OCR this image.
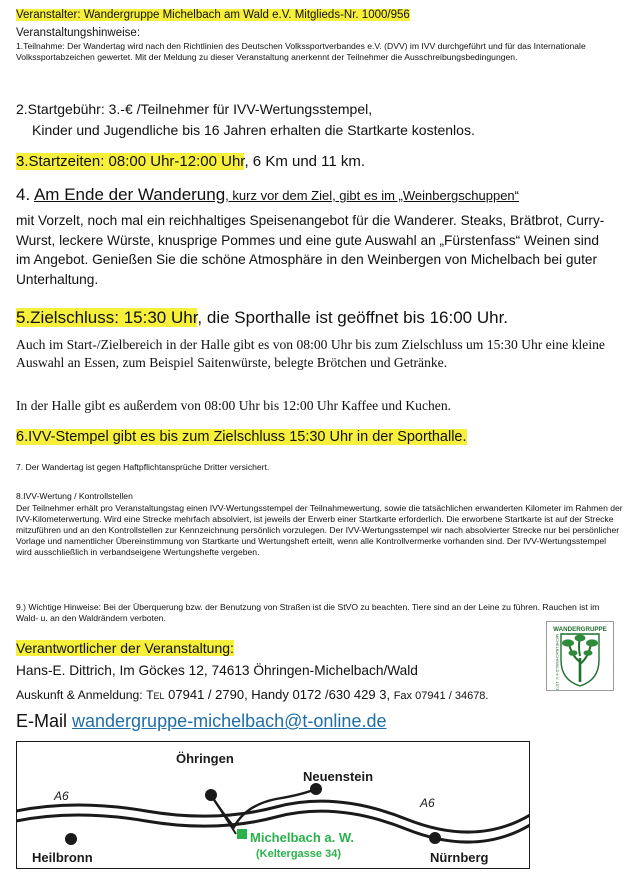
Veranstalter: Wandergruppe Michelbach am Wald e.V. Mitglieds-Nr. 1000/956
Veranstaltungshinweise:
1.Teilnahme: Der Wandertag wird nach den Richtlinien des Deutschen Volkssportverbandes e.V. (DVV) im IVV durchgeführt und für das Internationale Volkssportabzeichen gewertet. Mit der Meldung zu dieser Veranstaltung anerkennt der Teilnehmer die Ausschreibungsbedingungen.
2.Startgebühr: 3.-€ /Teilnehmer für IVV-Wertungsstempel,
Kinder und Jugendliche bis 16 Jahren erhalten die Startkarte kostenlos.
3.Startzeiten: 08:00 Uhr-12:00 Uhr, 6 Km und 11 km.
4. Am Ende der Wanderung, kurz vor dem Ziel, gibt es im „Weinbergschuppen“
mit Vorzelt, noch mal ein reichhaltiges Speisenangebot für die Wanderer. Steaks, Brätbrot, Curry-Wurst, leckere Würste, knusprige Pommes und eine gute Auswahl an „Fürstenfass“ Weinen sind im Angebot. Genießen Sie die schöne Atmosphäre in den Weinbergen von Michelbach bei guter Unterhaltung.
5.Zielschluss: 15:30 Uhr, die Sporthalle ist geöffnet bis 16:00 Uhr.
Auch im Start-/Zielbereich in der Halle gibt es von 08:00 Uhr bis zum Zielschluss um 15:30 Uhr eine kleine Auswahl an Essen, zum Beispiel Saitenwürste, belegte Brötchen und Getränke.
In der Halle gibt es außerdem von 08:00 Uhr bis 12:00 Uhr Kaffee und Kuchen.
6.IVV-Stempel gibt es bis zum Zielschluss 15:30 Uhr in der Sporthalle.
7. Der Wandertag ist gegen Haftpflichtansprüche Dritter versichert.
8.IVV-Wertung / Kontrollstellen
Der Teilnehmer erhält pro Veranstaltungstag einen IVV-Wertungsstempel der Teilnahmewertung, sowie die tatsächlichen erwanderten Kilometer im Rahmen der IVV-Kilometerwertung. Wird eine Strecke mehrfach absolviert, ist jeweils der Erwerb einer Startkarte erforderlich. Die erworbene Startkarte ist auf der Strecke mitzuführen und an den Kontrollstellen zur Kennzeichnung persönlich vorzulegen. Der IVV-Wertungsstempel wir nach absolvierter Strecke nur bei persönlicher Vorlage und namentlicher Übereinstimmung von Startkarte und Wertungsheft erteilt, wenn alle Kontrollvermerke vorhanden sind. Der IVV-Wertungsstempel wird ausschließlich in verbandseigene Wertungshefte vergeben.
9.) Wichtige Hinweise: Bei der Überquerung bzw. der Benutzung von Straßen ist die StVO zu beachten. Tiere sind an der Leine zu führen. Rauchen ist im Wald- u. an den Waldrändern verboten.
Verantwortlicher der Veranstaltung:
Hans-E. Dittrich, Im Göckes 12, 74613 Öhringen-Michelbach/Wald
Auskunft & Anmeldung: Tel 07941 / 2790, Handy 0172 /630 429 3, Fax 07941 / 34678.
E-Mail wandergruppe-michelbach@t-online.de
WANDERGRUPPE
MICHELBACH/WALD e.V. 1973
A6	A6
Heilbronn
Öhringen
Neuenstein
Nürnberg
Michelbach a. W.
(Keltergasse 34)
